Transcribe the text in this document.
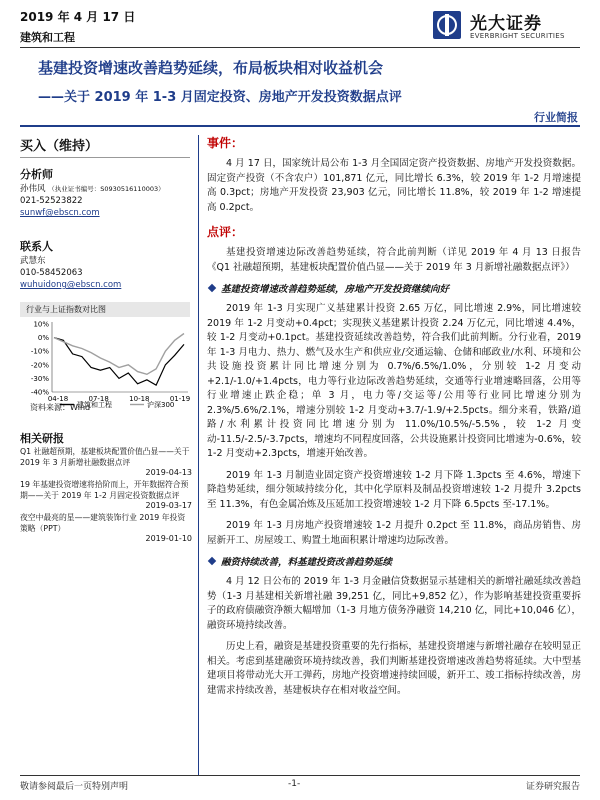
2019 年 4 月 17 日
建筑和工程
光大证券
EVERBRIGHT SECURITIES
基建投资增速改善趋势延续，布局板块相对收益机会
——关于 2019 年 1-3 月固定投资、房地产开发投资数据点评
行业简报
买入（维持）
分析师
孙伟风 （执业证书编号：S0930516110003）
021-52523822
sunwf@ebscn.com
联系人
武慧东
010-58452063
wuhuidong@ebscn.com
行业与上证指数对比图
10%
0%
-10%
-20%
-30%
-40%
04-18	07-18	10-18	01-19
建筑和工程	沪深300
资料来源：Wind
相关研报
Q1 社融超预期，基建板块配置价值凸显——关于 2019 年 3 月新增社融数据点评
2019-04-13
19 年基建投资增速将拾阶而上，开年数据符合预期——关于 2019 年 1-2 月固定投资数据点评
2019-03-17
夜空中最亮的星——建筑装饰行业 2019 年投资策略（PPT）
2019-01-10
事件：

4 月 17 日，国家统计局公布 1-3 月全国固定资产投资数据、房地产开发投资数据。固定资产投资（不含农户）101,871 亿元，同比增长 6.3%，较 2019 年 1-2 月增速提高 0.3pct；房地产开发投资 23,903 亿元，同比增长 11.8%，较 2019 年 1-2 增速提高 0.2pct。

点评：

基建投资增速边际改善趋势延续，符合此前判断（详见 2019 年 4 月 13 日报告《Q1 社融超预期，基建板块配置价值凸显——关于 2019 年 3 月新增社融数据点评》）

基建投资增速改善趋势延续，房地产开发投资继续向好

2019 年 1-3 月实现广义基建累计投资 2.65 万亿，同比增速 2.9%，同比增速较 2019 年 1-2 月变动+0.4pct；实现狭义基建累计投资 2.24 万亿元，同比增速 4.4%，较 1-2 月变动+0.1pct。基建投资延续改善趋势，符合我们此前判断。分行业看，2019 年 1-3 月电力、热力、燃气及水生产和供应业/交通运输、仓储和邮政业/水利、环境和公共设施投资累计同比增速分别为 0.7%/6.5%/1.0%，分别较 1-2 月变动+2.1/-1.0/+1.4pcts，电力等行业边际改善趋势延续，交通等行业增速略回落，公用等行业增速止跌企稳；单 3 月，电力等/交运等/公用等行业同比增速分别为 2.3%/5.6%/2.1%，增速分别较 1-2 月变动+3.7/-1.9/+2.5pcts。细分来看，铁路/道路/水利累计投资同比增速分别为 11.0%/10.5%/-5.5%，较 1-2 月变动-11.5/-2.5/-3.7pcts，增速均不同程度回落，公共设施累计投资同比增速为-0.6%，较 1-2 月变动+2.3pcts，增速开始改善。

2019 年 1-3 月制造业固定资产投资增速较 1-2 月下降 1.3pcts 至 4.6%，增速下降趋势延续，细分领域持续分化，其中化学原料及制品投资增速较 1-2 月提升 3.2pcts 至 11.3%，有色金属冶炼及压延加工投资增速较 1-2 月下降 6.5pcts 至-17.1%。

2019 年 1-3 月房地产投资增速较 1-2 月提升 0.2pct 至 11.8%，商品房销售、房屋新开工、房屋竣工、购置土地面积累计增速均边际改善。

融资持续改善，料基建投资改善趋势延续

4 月 12 日公布的 2019 年 1-3 月金融信贷数据显示基建相关的新增社融延续改善趋势（1-3 月基建相关新增社融 39,251 亿，同比+9,852 亿），作为影响基建投资重要拆子的政府债融资净额大幅增加（1-3 月地方债务净融资 14,210 亿，同比+10,046 亿），融资环境持续改善。

历史上看，融资是基建投资重要的先行指标，基建投资增速与新增社融存在较明显正相关。考虑到基建融资环境持续改善，我们判断基建投资增速改善趋势将延续。大中型基建项目将带动光大开工弹药，房地产投资增速持续回暖，新开工、竣工指标持续改善，房建需求持续改善，基建板块存在相对收益空间。

敬请参阅最后一页特别声明	-1-	证券研究报告
